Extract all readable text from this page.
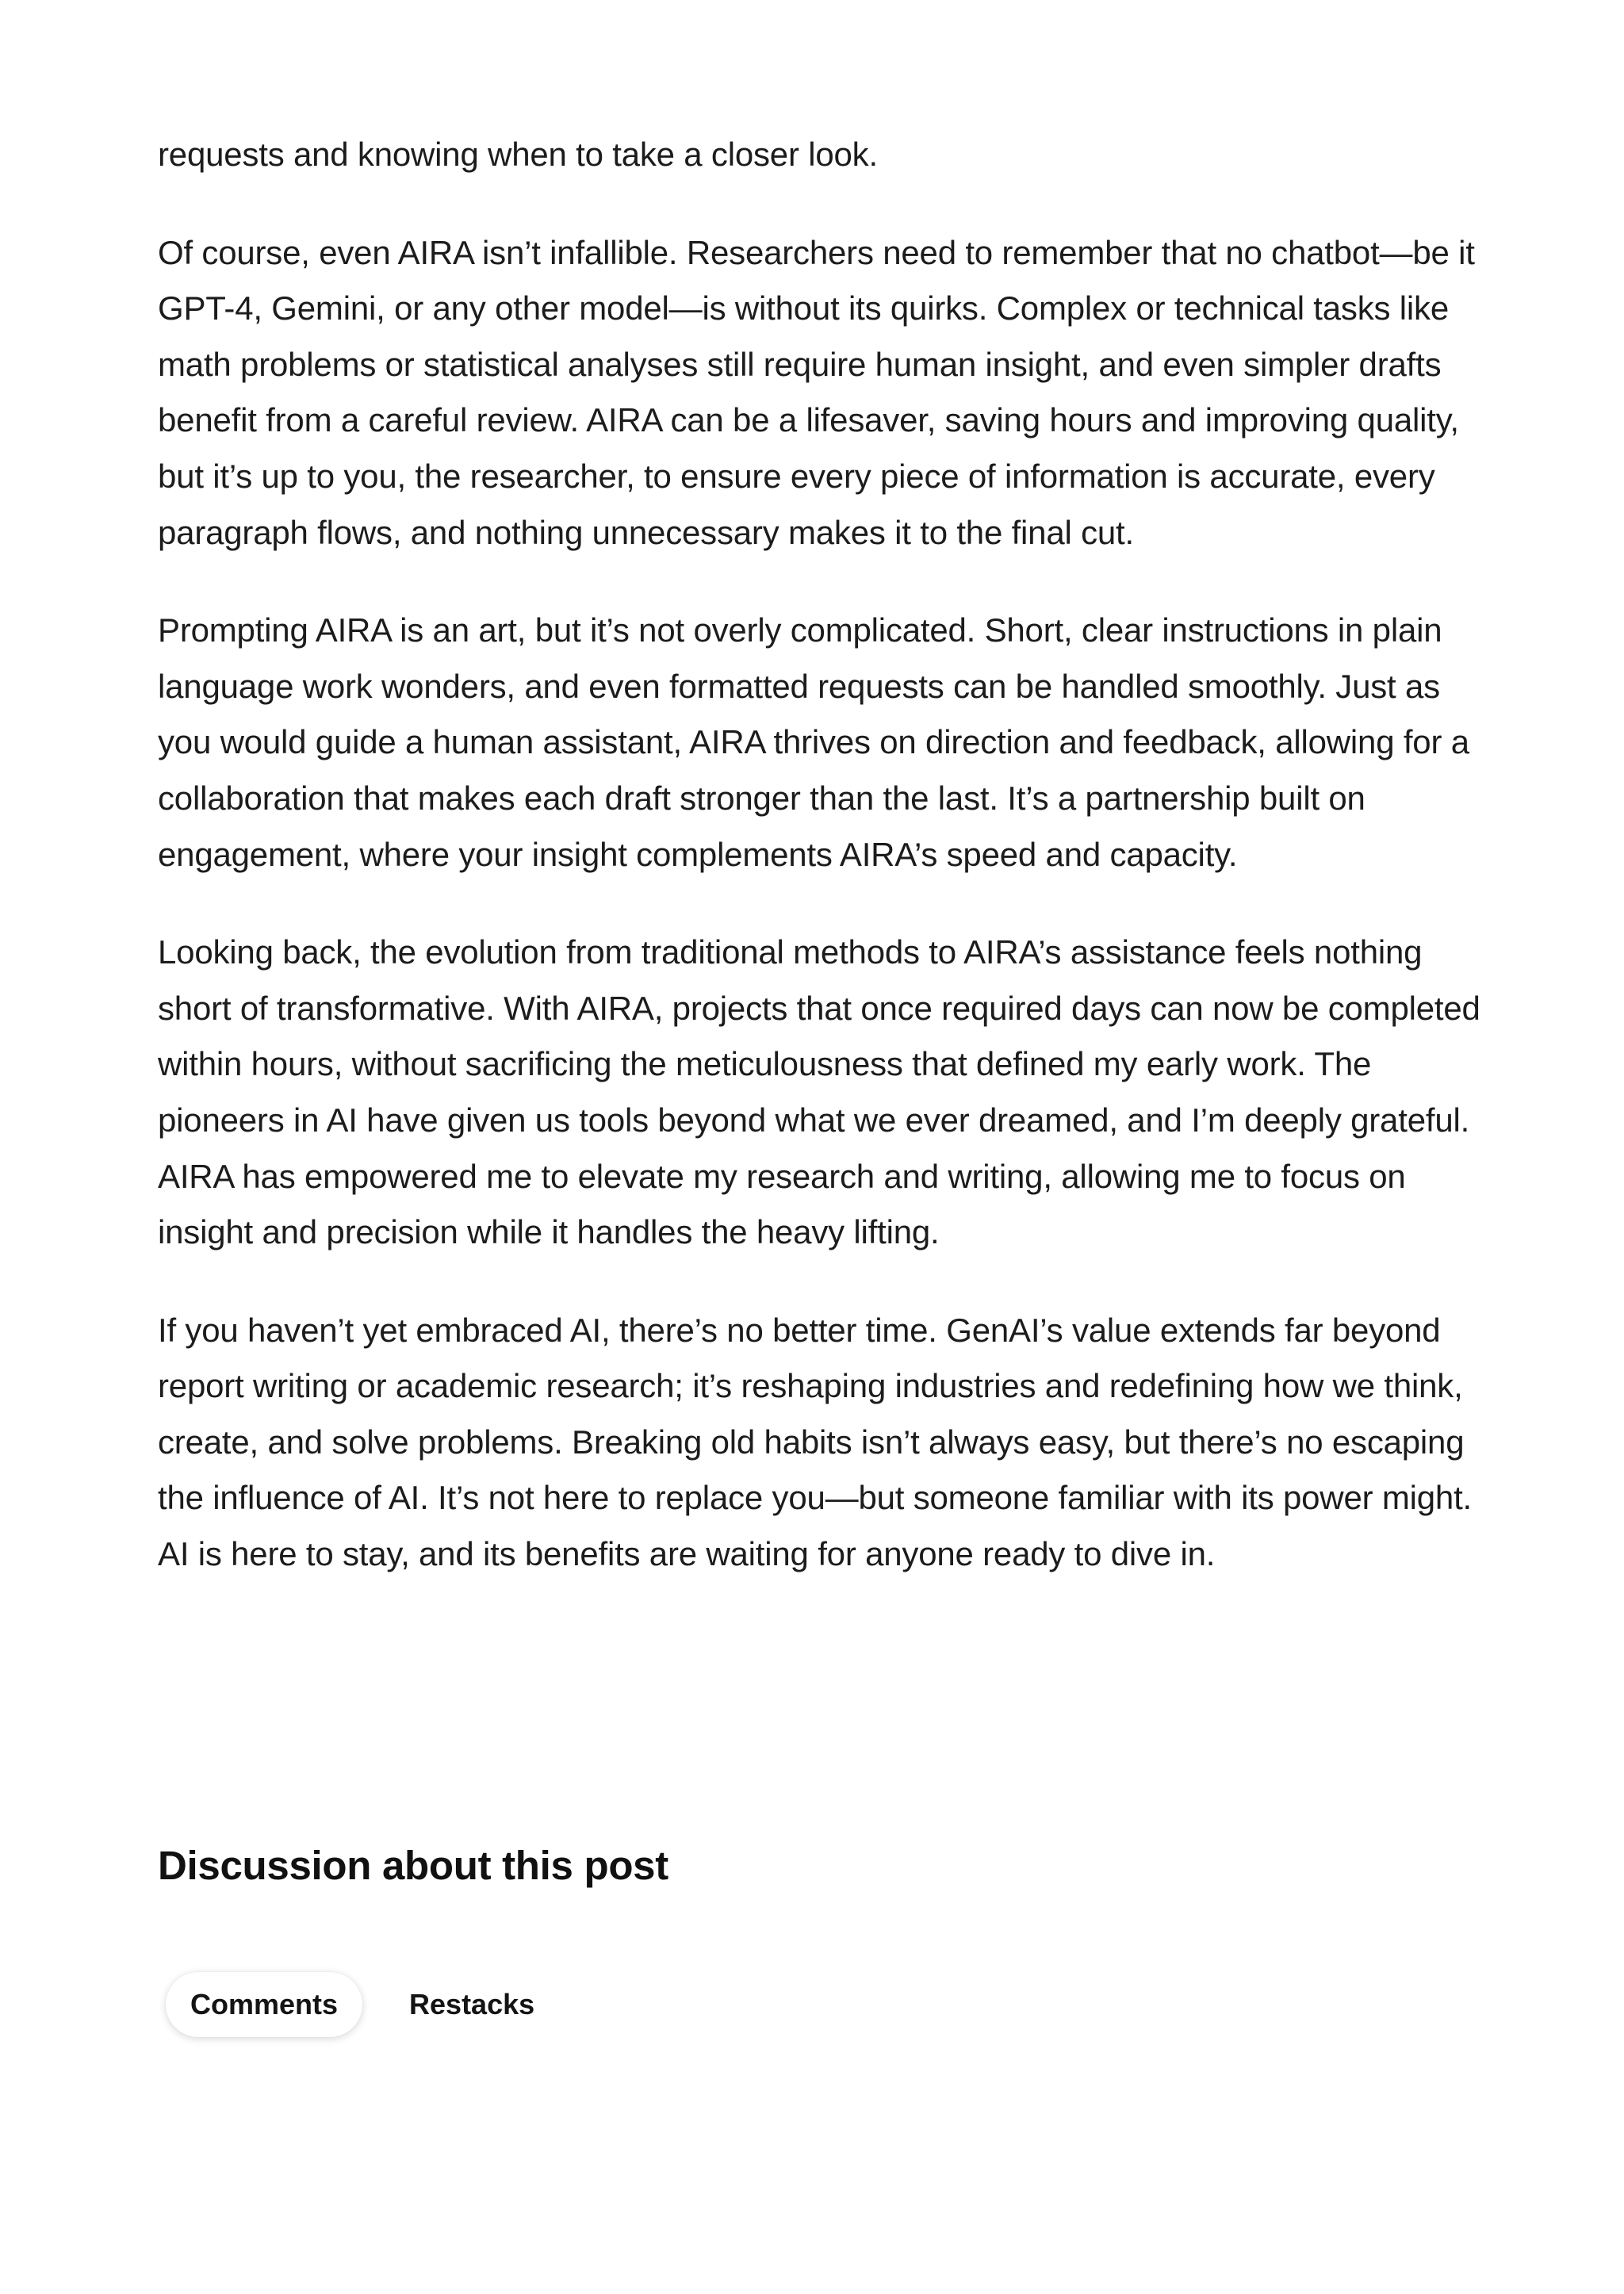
requests and knowing when to take a closer look.

Of course, even AIRA isn’t infallible. Researchers need to remember that no chatbot—be it GPT-4, Gemini, or any other model—is without its quirks. Complex or technical tasks like math problems or statistical analyses still require human insight, and even simpler drafts benefit from a careful review. AIRA can be a lifesaver, saving hours and improving quality, but it’s up to you, the researcher, to ensure every piece of information is accurate, every paragraph flows, and nothing unnecessary makes it to the final cut.

Prompting AIRA is an art, but it’s not overly complicated. Short, clear instructions in plain language work wonders, and even formatted requests can be handled smoothly. Just as you would guide a human assistant, AIRA thrives on direction and feedback, allowing for a collaboration that makes each draft stronger than the last. It’s a partnership built on engagement, where your insight complements AIRA’s speed and capacity.

Looking back, the evolution from traditional methods to AIRA’s assistance feels nothing short of transformative. With AIRA, projects that once required days can now be completed within hours, without sacrificing the meticulousness that defined my early work. The pioneers in AI have given us tools beyond what we ever dreamed, and I’m deeply grateful. AIRA has empowered me to elevate my research and writing, allowing me to focus on insight and precision while it handles the heavy lifting.

If you haven’t yet embraced AI, there’s no better time. GenAI’s value extends far beyond report writing or academic research; it’s reshaping industries and redefining how we think, create, and solve problems. Breaking old habits isn’t always easy, but there’s no escaping the influence of AI. It’s not here to replace you—but someone familiar with its power might. AI is here to stay, and its benefits are waiting for anyone ready to dive in.

Discussion about this post
Comments	Restacks
